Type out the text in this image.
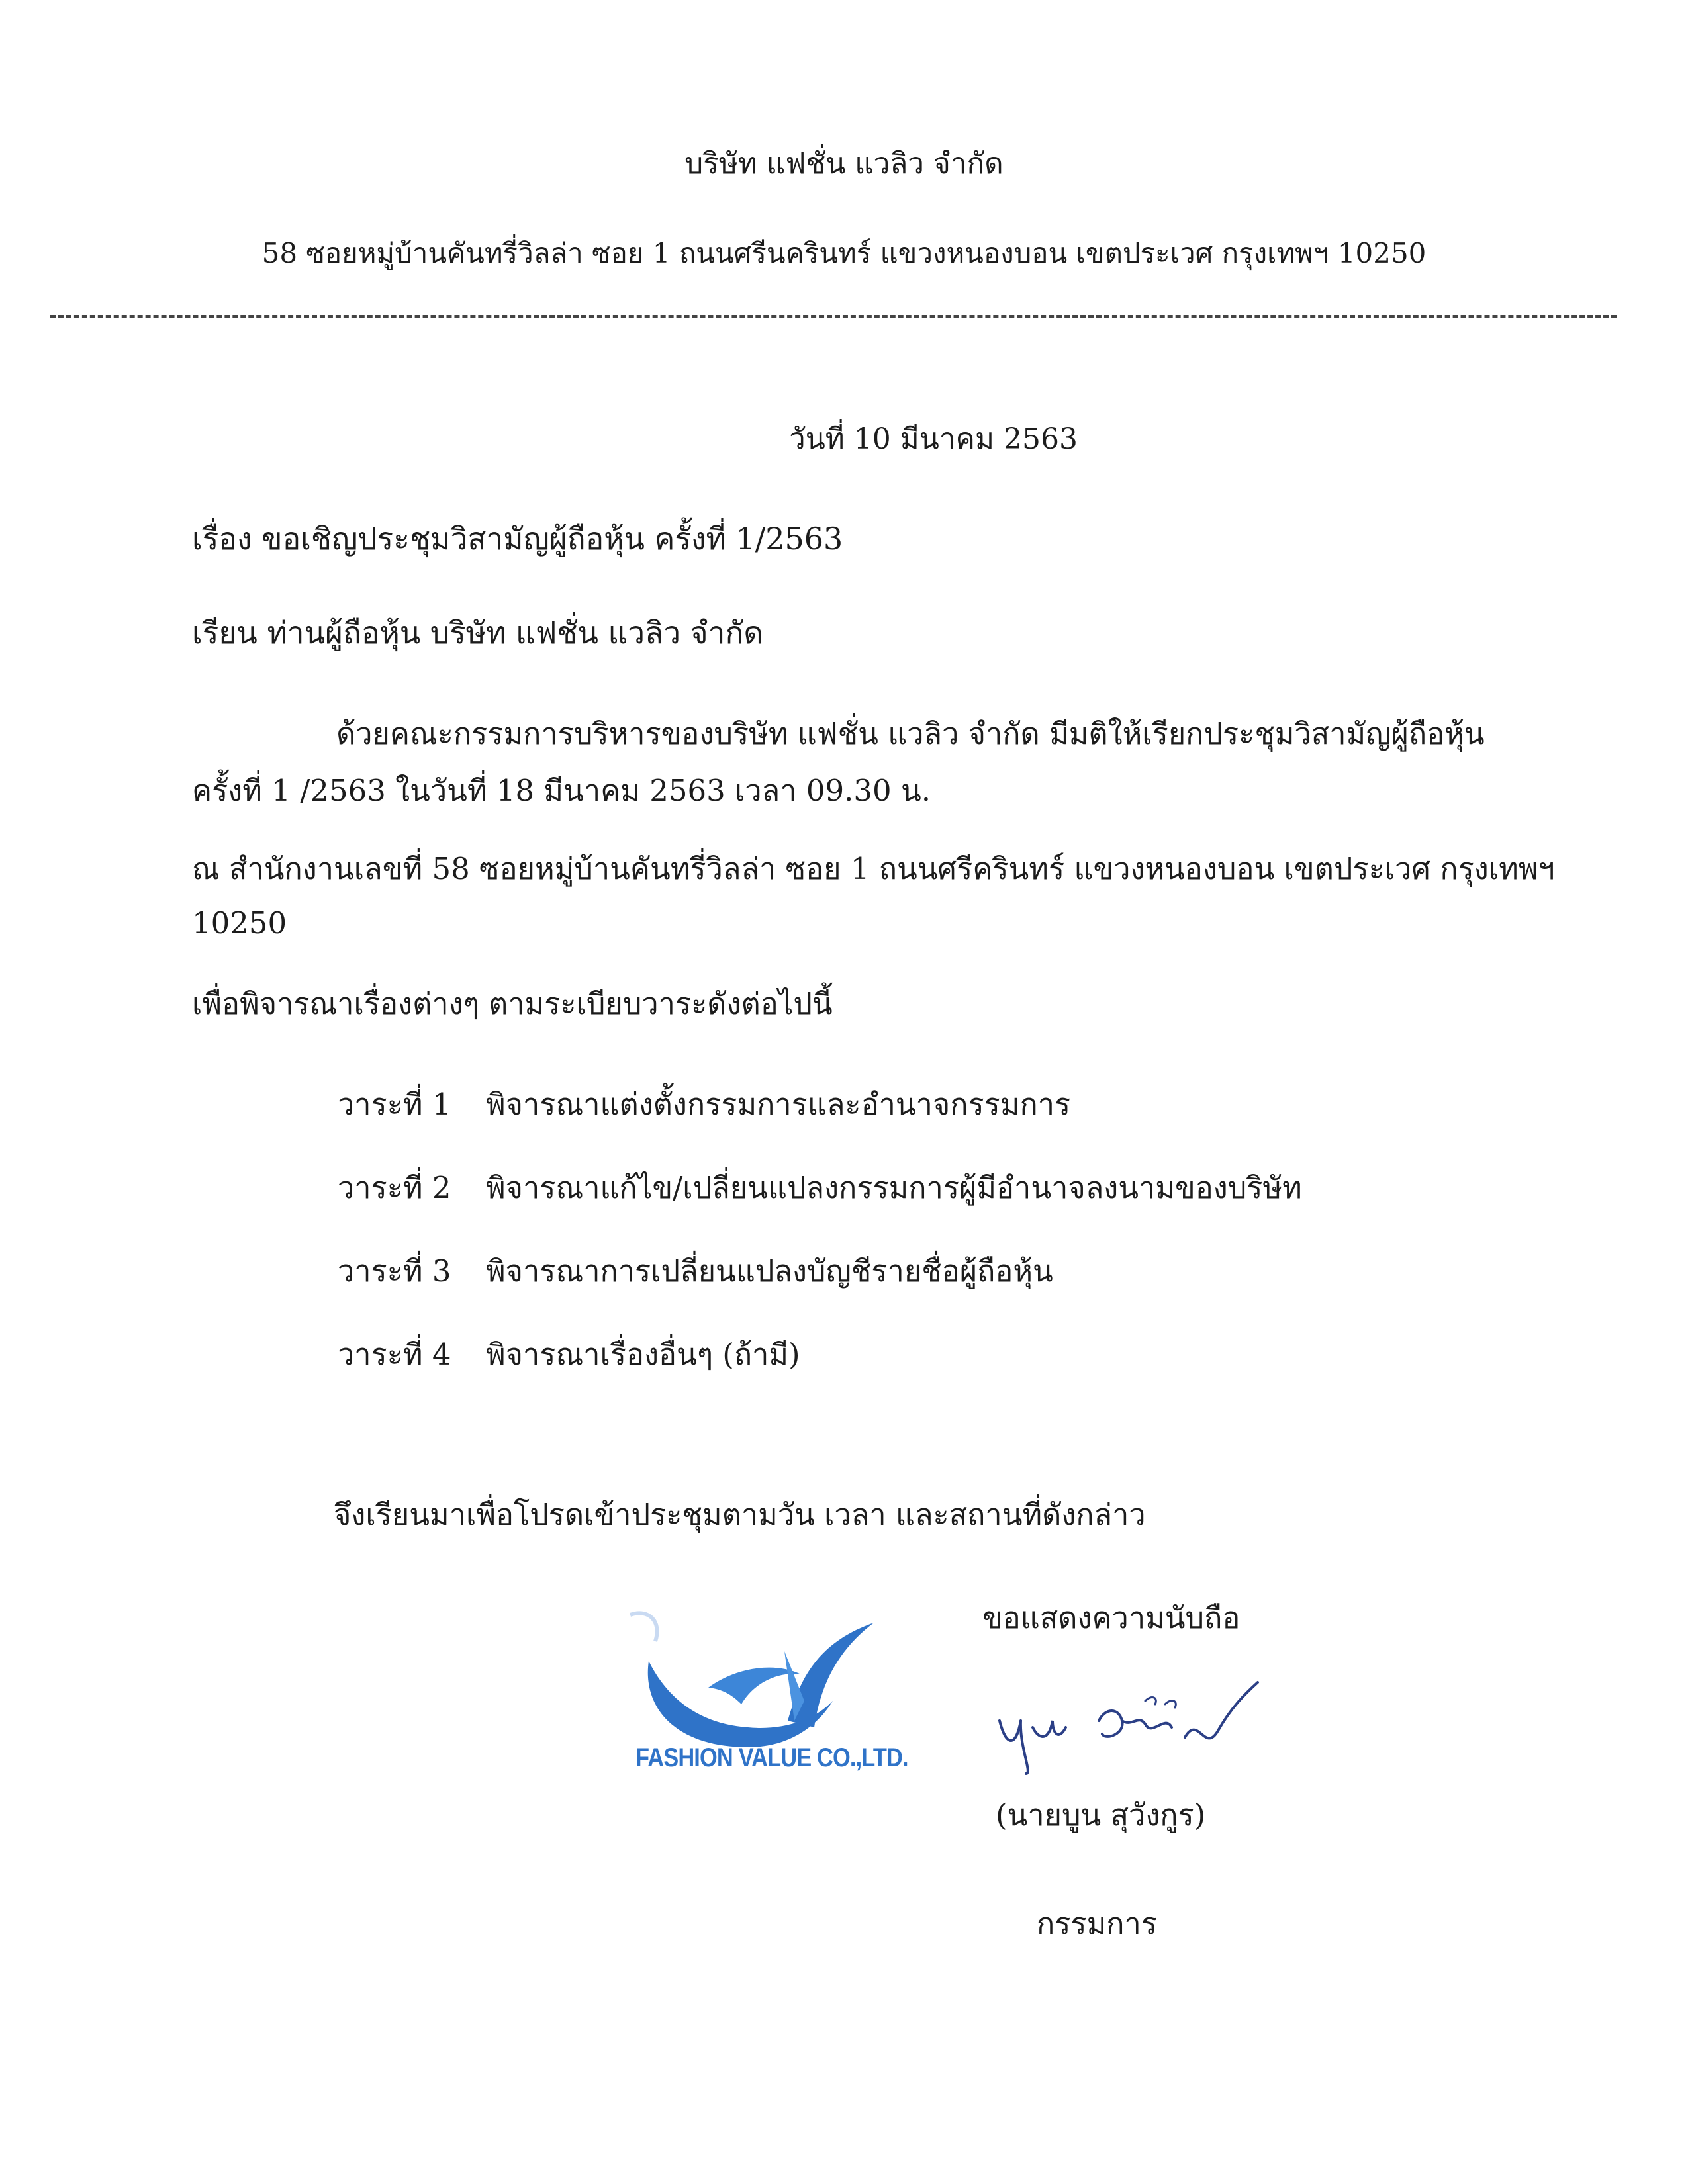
บริษัท แฟชั่น แวลิว จำกัด
58 ซอยหมู่บ้านคันทรี่วิลล่า ซอย 1 ถนนศรีนครินทร์ แขวงหนองบอน เขตประเวศ กรุงเทพฯ 10250
วันที่ 10 มีนาคม 2563
เรื่อง ขอเชิญประชุมวิสามัญผู้ถือหุ้น ครั้งที่ 1/2563
เรียน ท่านผู้ถือหุ้น บริษัท แฟชั่น แวลิว จำกัด
ด้วยคณะกรรมการบริหารของบริษัท แฟชั่น แวลิว จำกัด มีมติให้เรียกประชุมวิสามัญผู้ถือหุ้น
ครั้งที่ 1 /2563 ในวันที่ 18 มีนาคม 2563 เวลา 09.30 น.
ณ สำนักงานเลขที่ 58 ซอยหมู่บ้านคันทรี่วิลล่า ซอย 1 ถนนศรีครินทร์ แขวงหนองบอน เขตประเวศ กรุงเทพฯ
10250
เพื่อพิจารณาเรื่องต่างๆ ตามระเบียบวาระดังต่อไปนี้
วาระที่ 1 พิจารณาแต่งตั้งกรรมการและอำนาจกรรมการ
วาระที่ 2 พิจารณาแก้ไข/เปลี่ยนแปลงกรรมการผู้มีอำนาจลงนามของบริษัท
วาระที่ 3 พิจารณาการเปลี่ยนแปลงบัญชีรายชื่อผู้ถือหุ้น
วาระที่ 4 พิจารณาเรื่องอื่นๆ (ถ้ามี)
จึงเรียนมาเพื่อโปรดเข้าประชุมตามวัน เวลา และสถานที่ดังกล่าว
ขอแสดงความนับถือ
FASHION VALUE CO.,LTD.
(นายบูน สุวังกูร)
กรรมการ
